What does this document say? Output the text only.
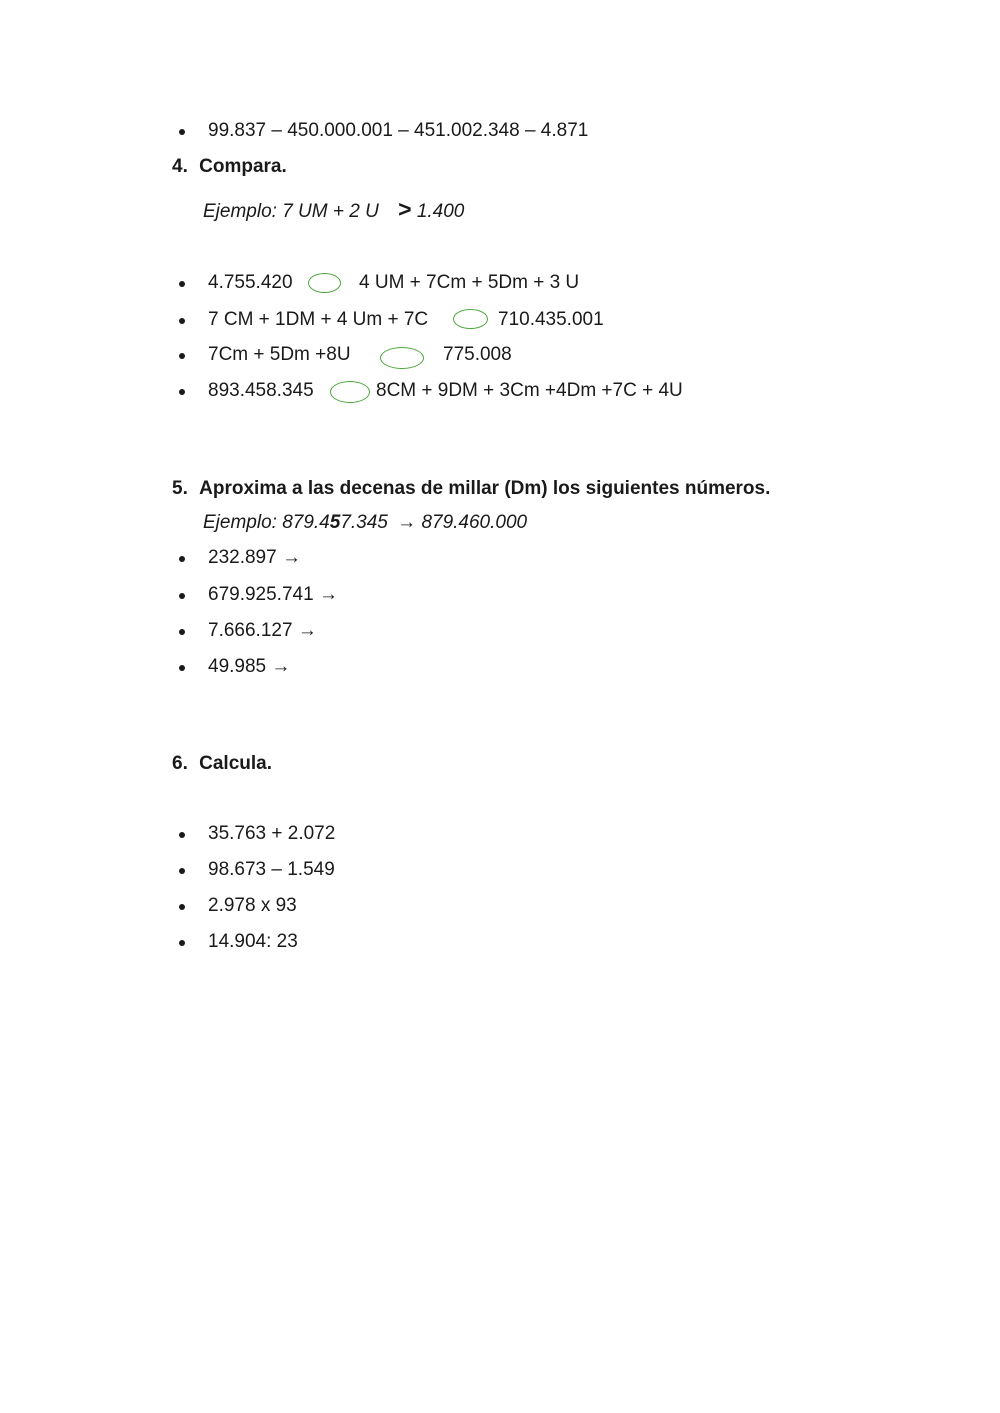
99.837 – 450.000.001 – 451.002.348 – 4.871
4. Compara.
Ejemplo: 7 UM + 2 U > 1.400
4.755.420	4 UM + 7Cm + 5Dm + 3 U
7 CM + 1DM + 4 Um + 7C	710.435.001
7Cm + 5Dm +8U	775.008
893.458.345	8CM + 9DM + 3Cm +4Dm +7C + 4U
5. Aproxima a las decenas de millar (Dm) los siguientes números.
Ejemplo: 879.457.345 → 879.460.000
232.897 →
679.925.741 →
7.666.127 →
49.985 →
6. Calcula.
35.763 + 2.072
98.673 – 1.549
2.978 x 93
14.904: 23
